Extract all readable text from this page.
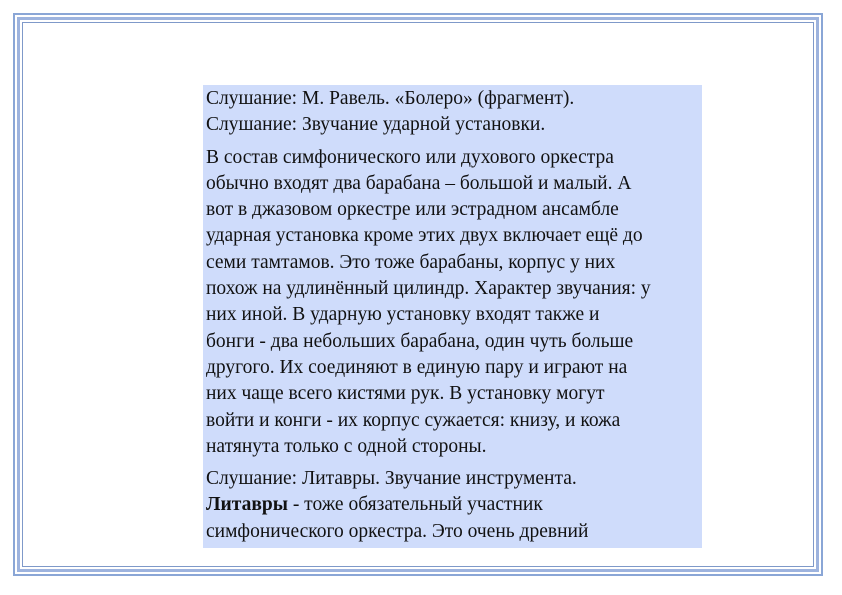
Слушание: М. Равель. «Болеро» (фрагмент).
Слушание: Звучание ударной установки.

В состав симфонического или духового оркестра
обычно входят два барабана – большой и малый. А
вот в джазовом оркестре или эстрадном ансамбле
ударная установка кроме этих двух включает ещё до
семи тамтамов. Это тоже барабаны, корпус у них
похож на удлинённый цилиндр. Характер звучания: у
них иной. В ударную установку входят также и
бонги - два небольших барабана, один чуть больше
другого. Их соединяют в единую пару и играют на
них чаще всего кистями рук. В установку могут
войти и конги - их корпус сужается: книзу, и кожа
натянута только с одной стороны.

Слушание: Литавры. Звучание инструмента.
Литавры - тоже обязательный участник
симфонического оркестра. Это очень древний
